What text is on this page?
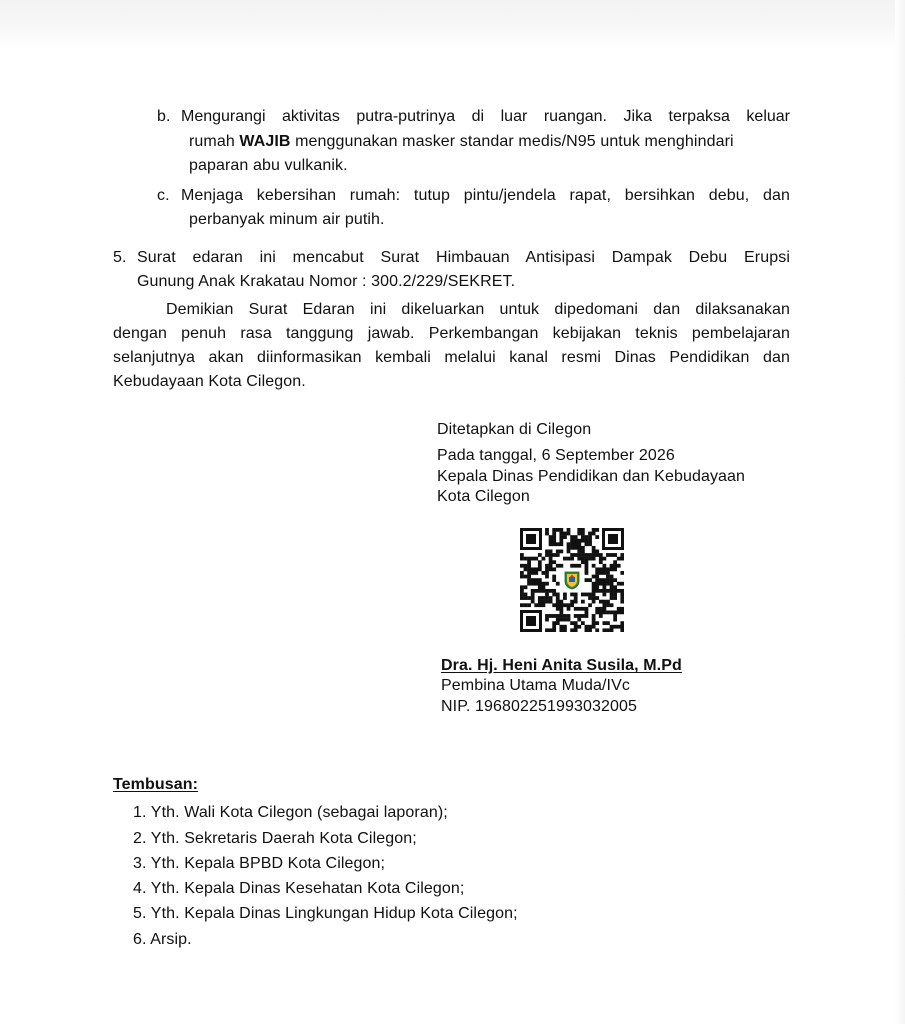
b. Mengurangi aktivitas putra-putrinya di luar ruangan. Jika terpaksa keluar
rumah WAJIB menggunakan masker standar medis/N95 untuk menghindari
paparan abu vulkanik.
c. Menjaga kebersihan rumah: tutup pintu/jendela rapat, bersihkan debu, dan
perbanyak minum air putih.
5. Surat edaran ini mencabut Surat Himbauan Antisipasi Dampak Debu Erupsi
Gunung Anak Krakatau Nomor : 300.2/229/SEKRET.
Demikian Surat Edaran ini dikeluarkan untuk dipedomani dan dilaksanakan
dengan penuh rasa tanggung jawab. Perkembangan kebijakan teknis pembelajaran
selanjutnya akan diinformasikan kembali melalui kanal resmi Dinas Pendidikan dan
Kebudayaan Kota Cilegon.
Ditetapkan di Cilegon
Pada tanggal, 6 September 2026
Kepala Dinas Pendidikan dan Kebudayaan
Kota Cilegon
Dra. Hj. Heni Anita Susila, M.Pd
Pembina Utama Muda/IVc
NIP. 196802251993032005
Tembusan:
1. Yth. Wali Kota Cilegon (sebagai laporan);
2. Yth. Sekretaris Daerah Kota Cilegon;
3. Yth. Kepala BPBD Kota Cilegon;
4. Yth. Kepala Dinas Kesehatan Kota Cilegon;
5. Yth. Kepala Dinas Lingkungan Hidup Kota Cilegon;
6. Arsip.
